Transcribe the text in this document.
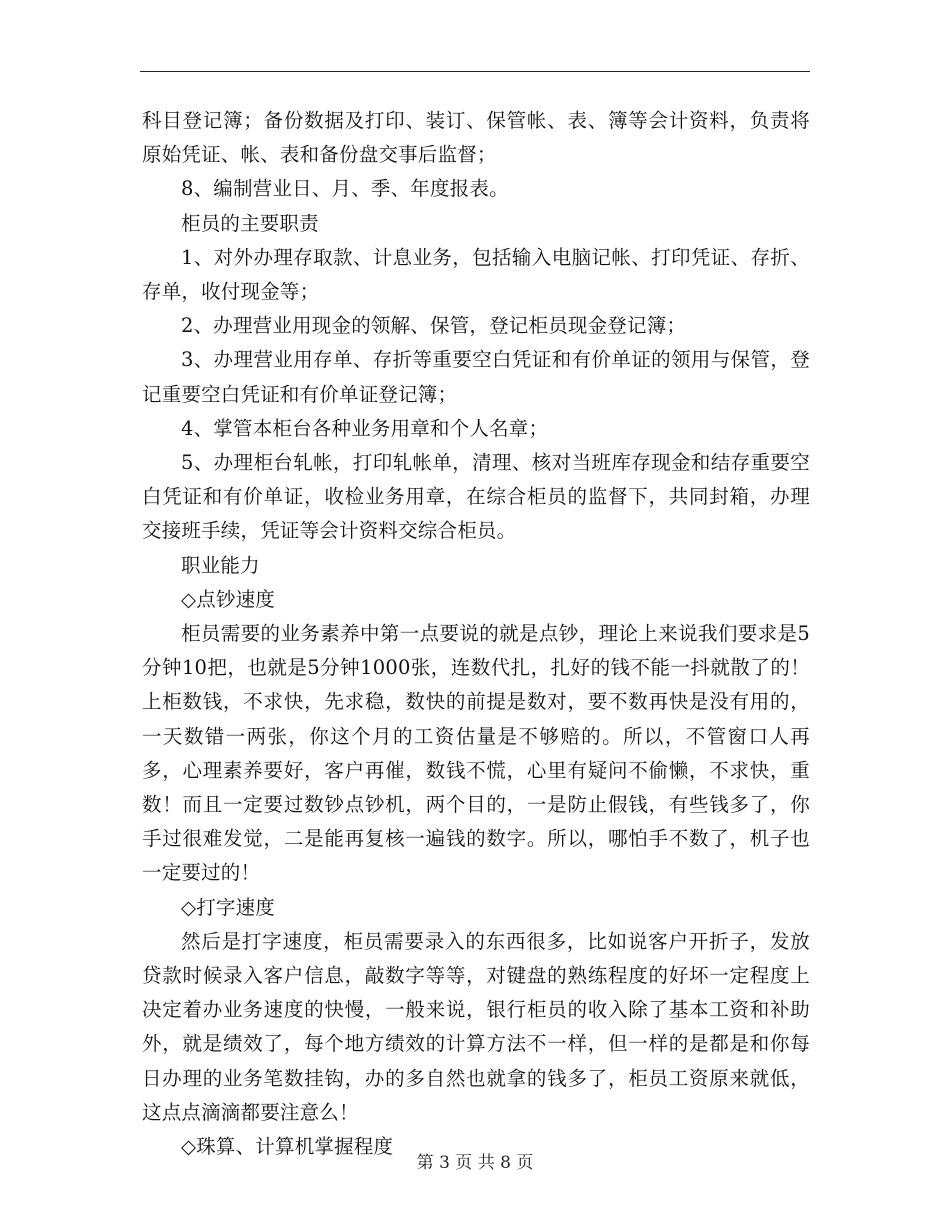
科目登记簿；备份数据及打印、装订、保管帐、表、簿等会计资料，负责将原始凭证、帐、表和备份盘交事后监督；

8、编制营业日、月、季、年度报表。

柜员的主要职责

1、对外办理存取款、计息业务，包括输入电脑记帐、打印凭证、存折、存单，收付现金等；

2、办理营业用现金的领解、保管，登记柜员现金登记簿；

3、办理营业用存单、存折等重要空白凭证和有价单证的领用与保管，登记重要空白凭证和有价单证登记簿；

4、掌管本柜台各种业务用章和个人名章；

5、办理柜台轧帐，打印轧帐单，清理、核对当班库存现金和结存重要空白凭证和有价单证，收检业务用章，在综合柜员的监督下，共同封箱，办理交接班手续，凭证等会计资料交综合柜员。

职业能力

◇点钞速度

柜员需要的业务素养中第一点要说的就是点钞，理论上来说我们要求是5分钟10把，也就是5分钟1000张，连数代扎，扎好的钱不能一抖就散了的！上柜数钱，不求快，先求稳，数快的前提是数对，要不数再快是没有用的，一天数错一两张，你这个月的工资估量是不够赔的。所以，不管窗口人再多，心理素养要好，客户再催，数钱不慌，心里有疑问不偷懒，不求快，重数！而且一定要过数钞点钞机，两个目的，一是防止假钱，有些钱多了，你手过很难发觉，二是能再复核一遍钱的数字。所以，哪怕手不数了，机子也一定要过的！

◇打字速度

然后是打字速度，柜员需要录入的东西很多，比如说客户开折子，发放贷款时候录入客户信息，敲数字等等，对键盘的熟练程度的好坏一定程度上决定着办业务速度的快慢，一般来说，银行柜员的收入除了基本工资和补助外，就是绩效了，每个地方绩效的计算方法不一样，但一样的是都是和你每日办理的业务笔数挂钩，办的多自然也就拿的钱多了，柜员工资原来就低，这点点滴滴都要注意么！

◇珠算、计算机掌握程度

第 3 页 共 8 页
